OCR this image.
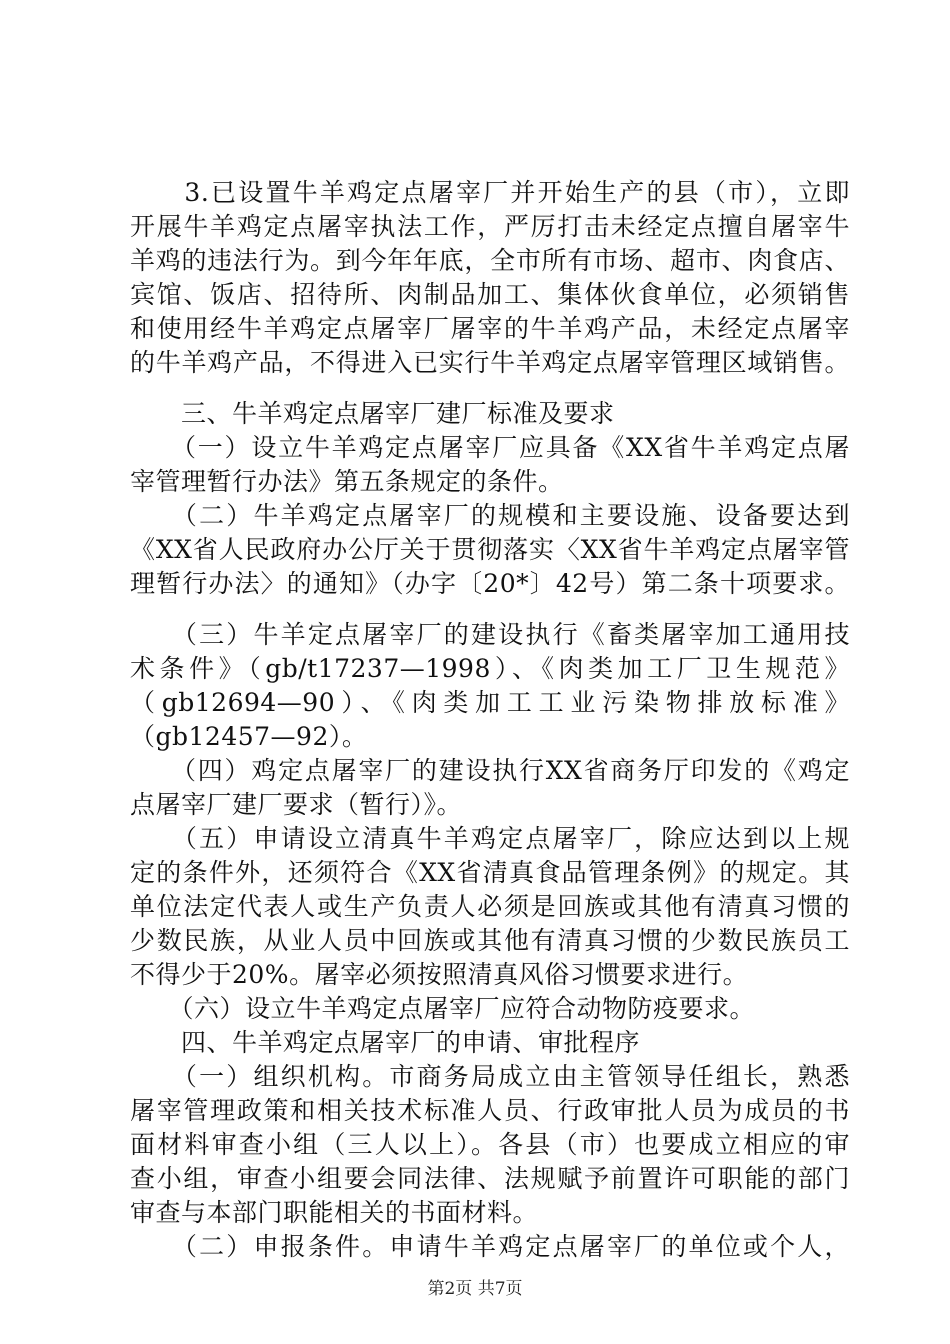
　　3.已设置牛羊鸡定点屠宰厂并开始生产的县（市），立即
开展牛羊鸡定点屠宰执法工作，严厉打击未经定点擅自屠宰牛
羊鸡的违法行为。到今年年底，全市所有市场、超市、肉食店、
宾馆、饭店、招待所、肉制品加工、集体伙食单位，必须销售
和使用经牛羊鸡定点屠宰厂屠宰的牛羊鸡产品，未经定点屠宰
的牛羊鸡产品，不得进入已实行牛羊鸡定点屠宰管理区域销售。
　　三、牛羊鸡定点屠宰厂建厂标准及要求
　　（一）设立牛羊鸡定点屠宰厂应具备《XX省牛羊鸡定点屠
宰管理暂行办法》第五条规定的条件。
　　（二）牛羊鸡定点屠宰厂的规模和主要设施、设备要达到
《XX省人民政府办公厅关于贯彻落实〈XX省牛羊鸡定点屠宰管
理暂行办法〉的通知》（办字〔20*〕42号）第二条十项要求。
　　（三）牛羊定点屠宰厂的建设执行《畜类屠宰加工通用技
术条件》（gb/t17237—1998）、《肉类加工厂卫生规范》
（gb12694—90）、《肉类加工工业污染物排放标准》
（gb12457—92）。
　　（四）鸡定点屠宰厂的建设执行XX省商务厅印发的《鸡定
点屠宰厂建厂要求（暂行）》。
　　（五）申请设立清真牛羊鸡定点屠宰厂，除应达到以上规
定的条件外，还须符合《XX省清真食品管理条例》的规定。其
单位法定代表人或生产负责人必须是回族或其他有清真习惯的
少数民族，从业人员中回族或其他有清真习惯的少数民族员工
不得少于20%。屠宰必须按照清真风俗习惯要求进行。
　　（六）设立牛羊鸡定点屠宰厂应符合动物防疫要求。
　　四、牛羊鸡定点屠宰厂的申请、审批程序
　　（一）组织机构。市商务局成立由主管领导任组长，熟悉
屠宰管理政策和相关技术标准人员、行政审批人员为成员的书
面材料审查小组（三人以上）。各县（市）也要成立相应的审
查小组，审查小组要会同法律、法规赋予前置许可职能的部门
审查与本部门职能相关的书面材料。
　　（二）申报条件。申请牛羊鸡定点屠宰厂的单位或个人，
第2页 共7页
